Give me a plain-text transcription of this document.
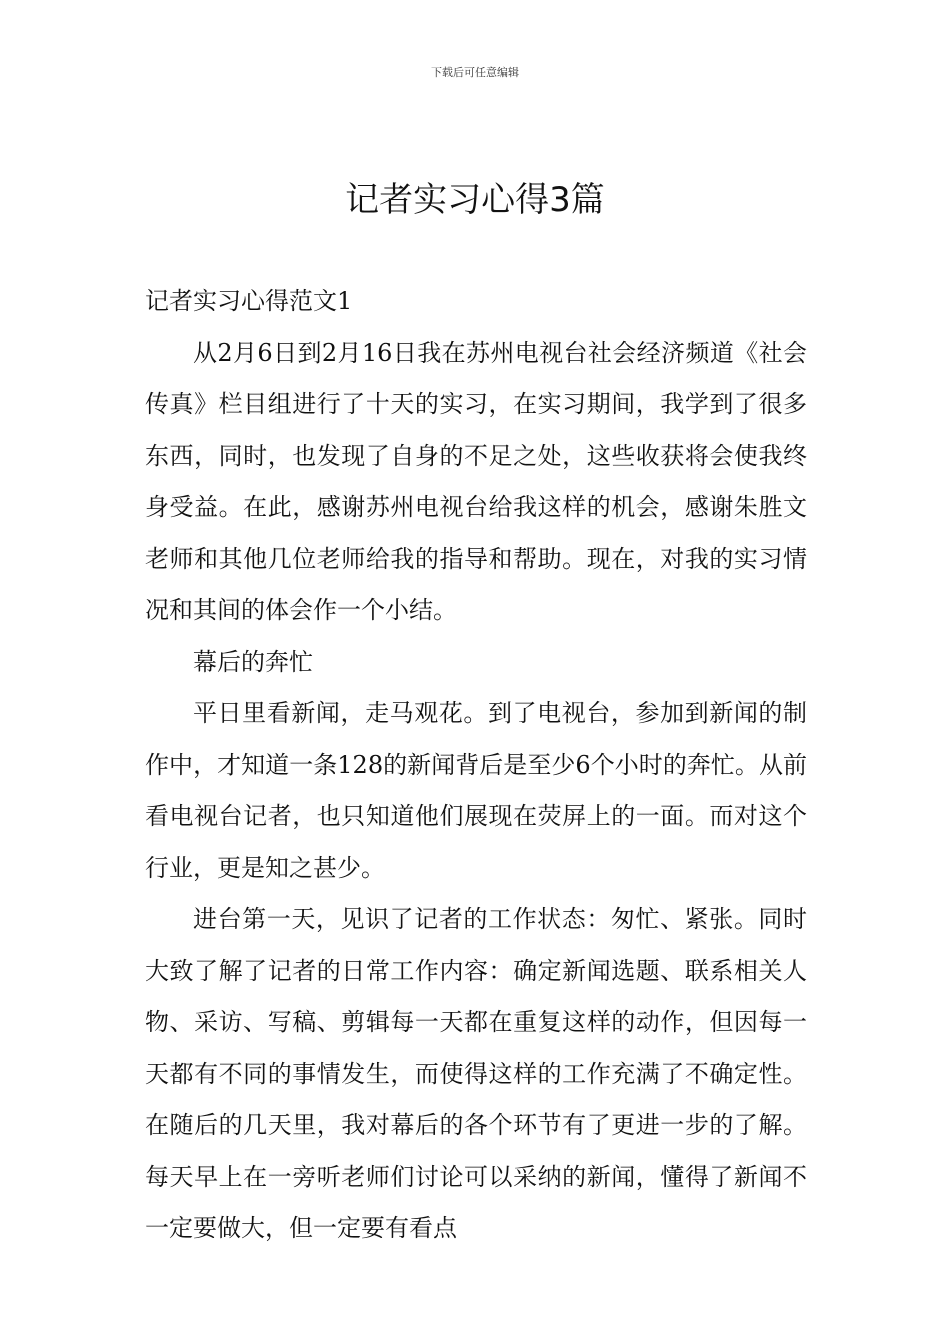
下载后可任意编辑
记者实习心得3篇

记者实习心得范文1

从2月6日到2月16日我在苏州电视台社会经济频道《社会传真》栏目组进行了十天的实习，在实习期间，我学到了很多东西，同时，也发现了自身的不足之处，这些收获将会使我终身受益。在此，感谢苏州电视台给我这样的机会，感谢朱胜文老师和其他几位老师给我的指导和帮助。现在，对我的实习情况和其间的体会作一个小结。

幕后的奔忙

平日里看新闻，走马观花。到了电视台，参加到新闻的制作中，才知道一条128的新闻背后是至少6个小时的奔忙。从前看电视台记者，也只知道他们展现在荧屏上的一面。而对这个行业，更是知之甚少。

进台第一天，见识了记者的工作状态：匆忙、紧张。同时大致了解了记者的日常工作内容：确定新闻选题、联系相关人物、采访、写稿、剪辑每一天都在重复这样的动作，但因每一天都有不同的事情发生，而使得这样的工作充满了不确定性。在随后的几天里，我对幕后的各个环节有了更进一步的了解。每天早上在一旁听老师们讨论可以采纳的新闻，懂得了新闻不一定要做大，但一定要有看点
